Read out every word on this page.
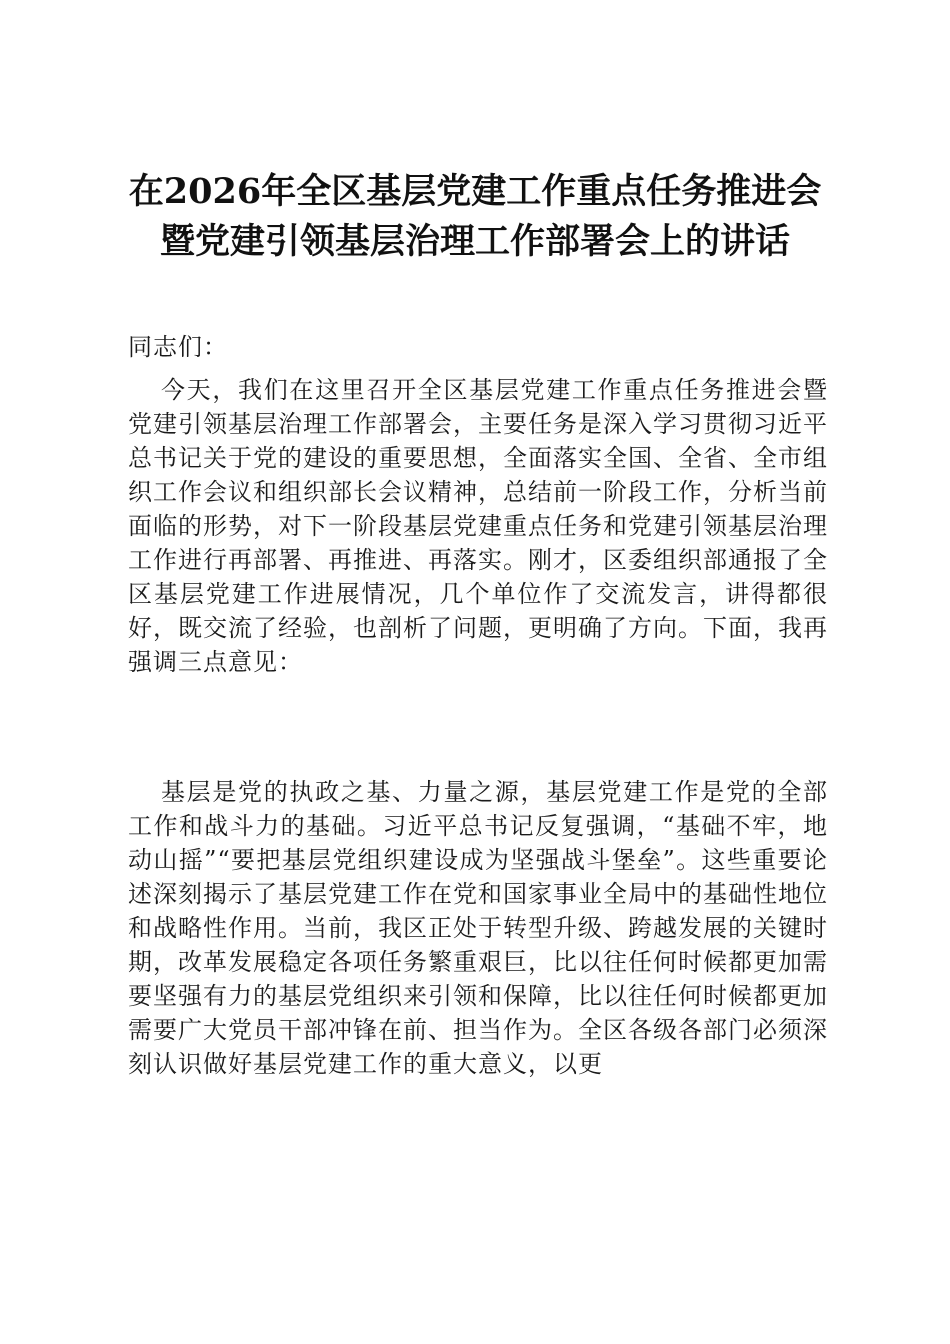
在2026年全区基层党建工作重点任务推进会
暨党建引领基层治理工作部署会上的讲话

同志们：

今天，我们在这里召开全区基层党建工作重点任务推进会暨党建引领基层治理工作部署会，主要任务是深入学习贯彻习近平总书记关于党的建设的重要思想，全面落实全国、全省、全市组织工作会议和组织部长会议精神，总结前一阶段工作，分析当前面临的形势，对下一阶段基层党建重点任务和党建引领基层治理工作进行再部署、再推进、再落实。刚才，区委组织部通报了全区基层党建工作进展情况，几个单位作了交流发言，讲得都很好，既交流了经验，也剖析了问题，更明确了方向。下面，我再强调三点意见：

基层是党的执政之基、力量之源，基层党建工作是党的全部工作和战斗力的基础。习近平总书记反复强调，“基础不牢，地动山摇”“要把基层党组织建设成为坚强战斗堡垒”。这些重要论述深刻揭示了基层党建工作在党和国家事业全局中的基础性地位和战略性作用。当前，我区正处于转型升级、跨越发展的关键时期，改革发展稳定各项任务繁重艰巨，比以往任何时候都更加需要坚强有力的基层党组织来引领和保障，比以往任何时候都更加需要广大党员干部冲锋在前、担当作为。全区各级各部门必须深刻认识做好基层党建工作的重大意义，以更
